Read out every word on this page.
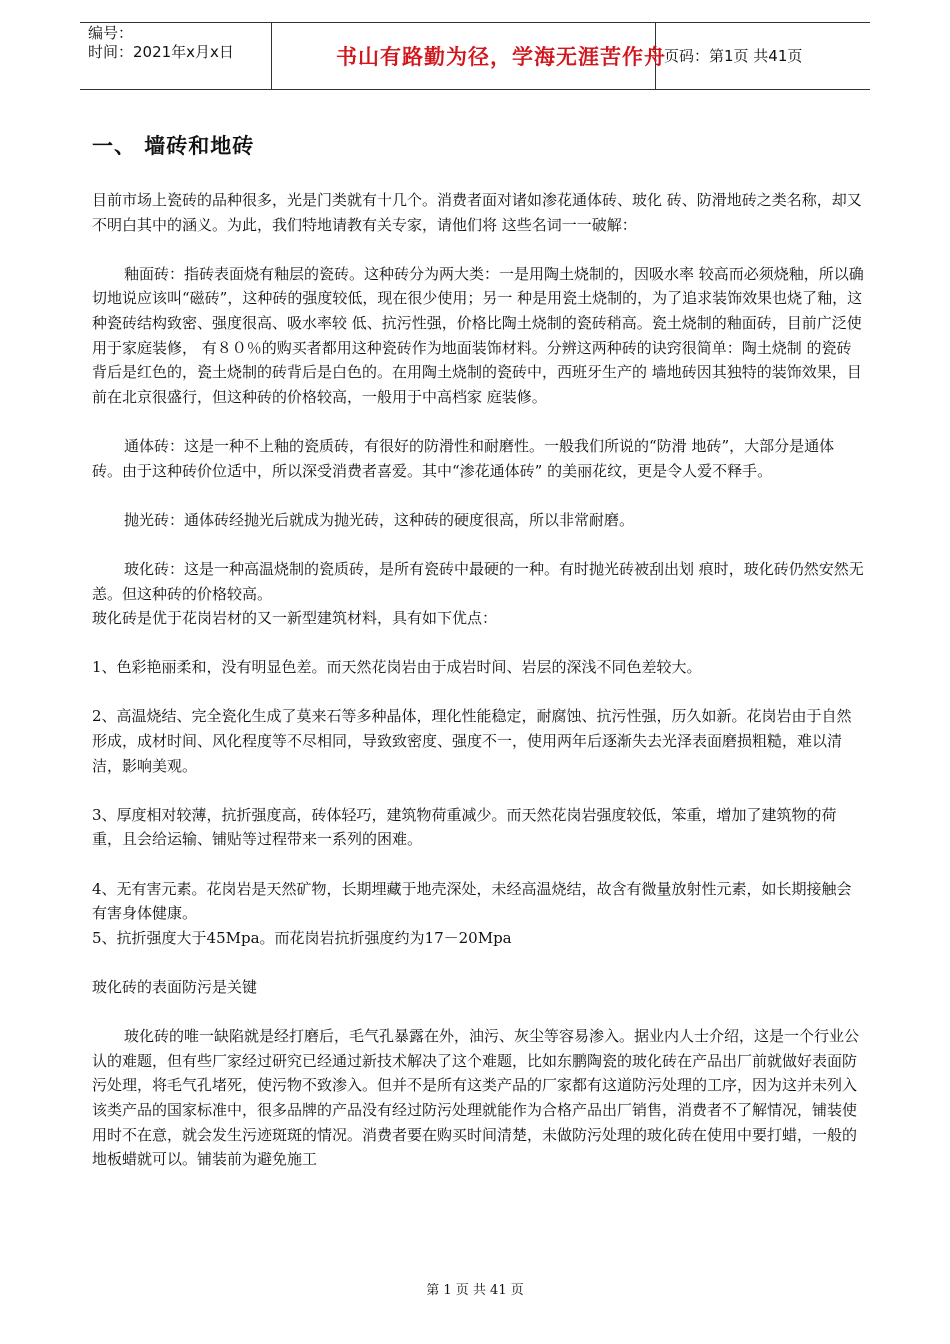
编号：
时间：2021年x月x日	书山有路勤为径，学海无涯苦作舟
页码：第1页 共41页
一、 墙砖和地砖

目前市场上瓷砖的品种很多，光是门类就有十几个。消费者面对诸如渗花通体砖、玻化 砖、防滑地砖之类名称，却又不明白其中的涵义。为此，我们特地请教有关专家，请他们将 这些名词一一破解：

釉面砖：指砖表面烧有釉层的瓷砖。这种砖分为两大类：一是用陶土烧制的，因吸水率 较高而必须烧釉，所以确切地说应该叫“磁砖”，这种砖的强度较低，现在很少使用；另一 种是用瓷土烧制的，为了追求装饰效果也烧了釉，这种瓷砖结构致密、强度很高、吸水率较 低、抗污性强，价格比陶土烧制的瓷砖稍高。瓷土烧制的釉面砖，目前广泛使用于家庭装修， 有８０％的购买者都用这种瓷砖作为地面装饰材料。分辨这两种砖的诀窍很简单：陶土烧制 的瓷砖背后是红色的，瓷土烧制的砖背后是白色的。在用陶土烧制的瓷砖中，西班牙生产的 墙地砖因其独特的装饰效果，目前在北京很盛行，但这种砖的价格较高，一般用于中高档家 庭装修。

通体砖：这是一种不上釉的瓷质砖，有很好的防滑性和耐磨性。一般我们所说的“防滑 地砖”，大部分是通体砖。由于这种砖价位适中，所以深受消费者喜爱。其中“渗花通体砖” 的美丽花纹，更是令人爱不释手。

抛光砖：通体砖经抛光后就成为抛光砖，这种砖的硬度很高，所以非常耐磨。

玻化砖：这是一种高温烧制的瓷质砖，是所有瓷砖中最硬的一种。有时抛光砖被刮出划 痕时，玻化砖仍然安然无恙。但这种砖的价格较高。

玻化砖是优于花岗岩材的又一新型建筑材料，具有如下优点：

1、色彩艳丽柔和，没有明显色差。而天然花岗岩由于成岩时间、岩层的深浅不同色差较大。

2、高温烧结、完全瓷化生成了莫来石等多种晶体，理化性能稳定，耐腐蚀、抗污性强，历久如新。花岗岩由于自然形成，成材时间、风化程度等不尽相同，导致致密度、强度不一，使用两年后逐渐失去光泽表面磨损粗糙，难以清洁，影响美观。

3、厚度相对较薄，抗折强度高，砖体轻巧，建筑物荷重减少。而天然花岗岩强度较低，笨重，增加了建筑物的荷重，且会给运输、铺贴等过程带来一系列的困难。

4、无有害元素。花岗岩是天然矿物，长期埋藏于地壳深处，未经高温烧结，故含有微量放射性元素，如长期接触会有害身体健康。

5、抗折强度大于45Mpa。而花岗岩抗折强度约为17－20Mpa

玻化砖的表面防污是关键

玻化砖的唯一缺陷就是经打磨后，毛气孔暴露在外，油污、灰尘等容易渗入。据业内人士介绍，这是一个行业公认的难题，但有些厂家经过研究已经通过新技术解决了这个难题，比如东鹏陶瓷的玻化砖在产品出厂前就做好表面防污处理，将毛气孔堵死，使污物不致渗入。但并不是所有这类产品的厂家都有这道防污处理的工序，因为这并未列入该类产品的国家标准中，很多品牌的产品没有经过防污处理就能作为合格产品出厂销售，消费者不了解情况，铺装使用时不在意，就会发生污迹斑斑的情况。消费者要在购买时间清楚，未做防污处理的玻化砖在使用中要打蜡，一般的地板蜡就可以。铺装前为避免施工

第 1 页 共 41 页
